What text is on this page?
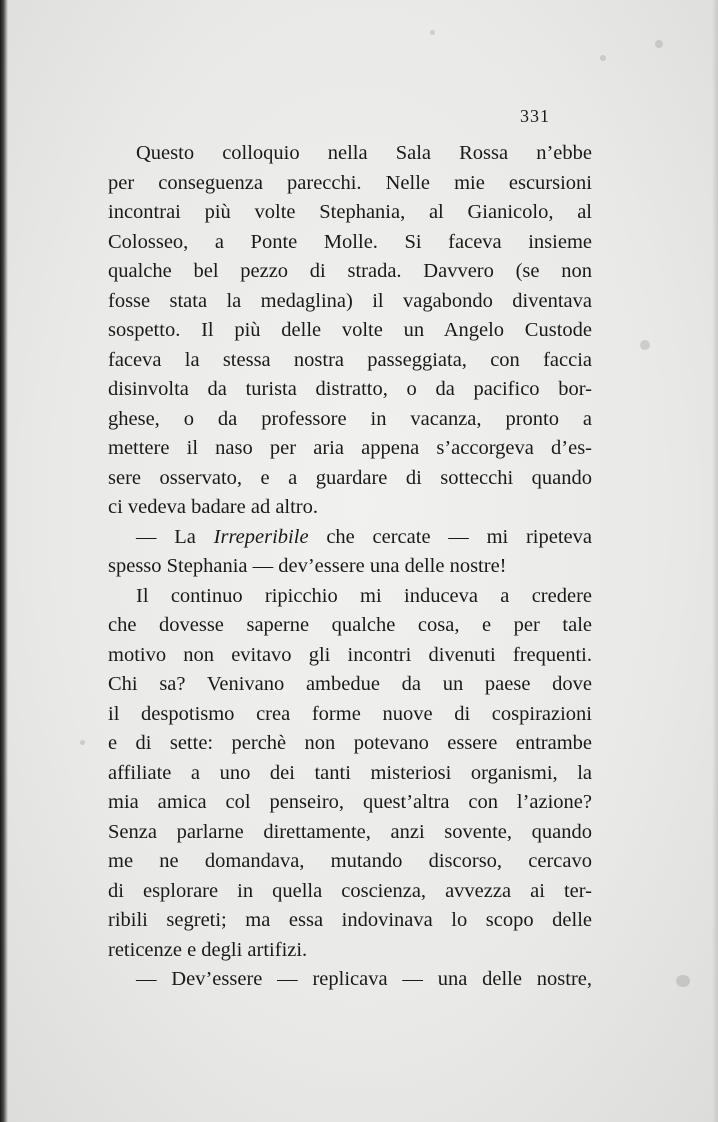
331
Questo colloquio nella Sala Rossa n’ebbe
per conseguenza parecchi. Nelle mie escursioni
incontrai più volte Stephania, al Gianicolo, al
Colosseo, a Ponte Molle. Si faceva insieme
qualche bel pezzo di strada. Davvero (se non
fosse stata la medaglina) il vagabondo diventava
sospetto. Il più delle volte un Angelo Custode
faceva la stessa nostra passeggiata, con faccia
disinvolta da turista distratto, o da pacifico bor-
ghese, o da professore in vacanza, pronto a
mettere il naso per aria appena s’accorgeva d’es-
sere osservato, e a guardare di sottecchi quando
ci vedeva badare ad altro.
— La Irreperibile che cercate — mi ripeteva
spesso Stephania — dev’essere una delle nostre!
Il continuo ripicchio mi induceva a credere
che dovesse saperne qualche cosa, e per tale
motivo non evitavo gli incontri divenuti frequenti.
Chi sa? Venivano ambedue da un paese dove
il despotismo crea forme nuove di cospirazioni
e di sette: perchè non potevano essere entrambe
affiliate a uno dei tanti misteriosi organismi, la
mia amica col penseiro, quest’altra con l’azione?
Senza parlarne direttamente, anzi sovente, quando
me ne domandava, mutando discorso, cercavo
di esplorare in quella coscienza, avvezza ai ter-
ribili segreti; ma essa indovinava lo scopo delle
reticenze e degli artifizi.
— Dev’essere — replicava — una delle nostre,
